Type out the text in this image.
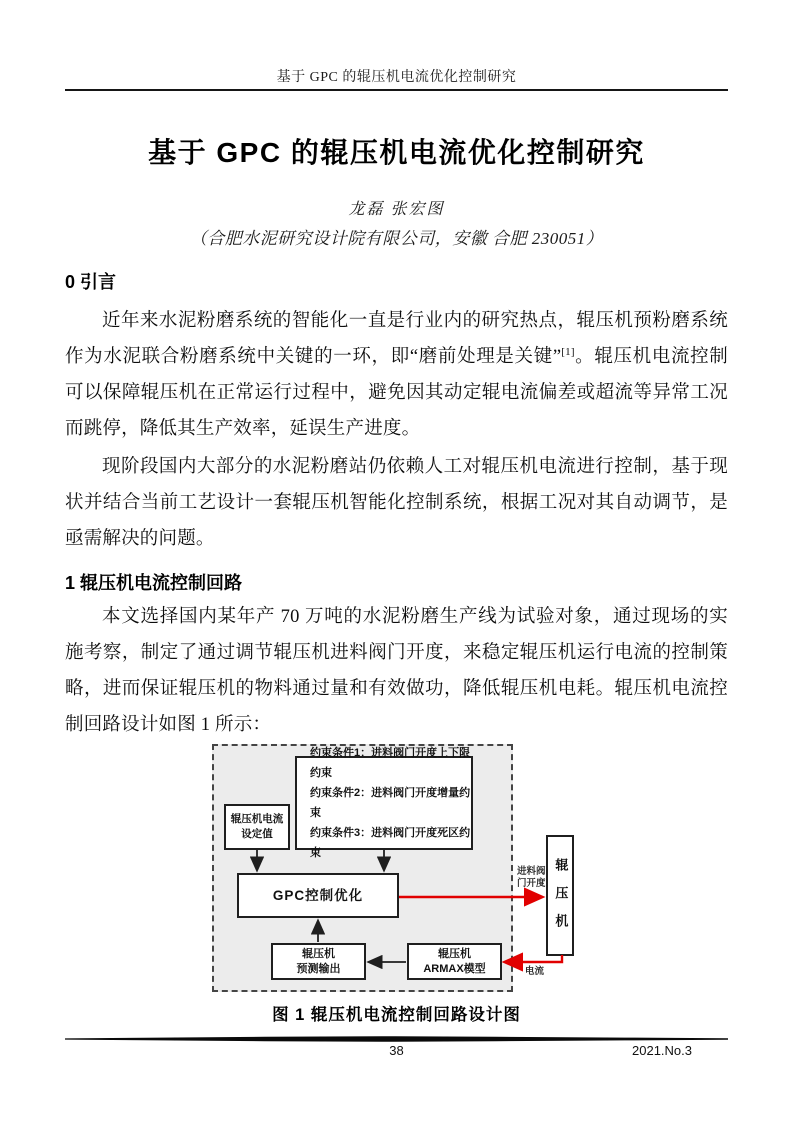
基于 GPC 的辊压机电流优化控制研究
基于 GPC 的辊压机电流优化控制研究
龙磊 张宏图
（合肥水泥研究设计院有限公司，安徽 合肥 230051）
0 引言

近年来水泥粉磨系统的智能化一直是行业内的研究热点，辊压机预粉磨系统作为水泥联合粉磨系统中关键的一环，即“磨前处理是关键”[1]。辊压机电流控制可以保障辊压机在正常运行过程中，避免因其动定辊电流偏差或超流等异常工况而跳停，降低其生产效率，延误生产进度。

现阶段国内大部分的水泥粉磨站仍依赖人工对辊压机电流进行控制，基于现状并结合当前工艺设计一套辊压机智能化控制系统，根据工况对其自动调节，是亟需解决的问题。

1 辊压机电流控制回路

本文选择国内某年产 70 万吨的水泥粉磨生产线为试验对象，通过现场的实施考察，制定了通过调节辊压机进料阀门开度，来稳定辊压机运行电流的控制策略，进而保证辊压机的物料通过量和有效做功，降低辊压机电耗。辊压机电流控制回路设计如图 1 所示：

辊压机电流
设定值
约束条件1：进料阀门开度上下限约束
约束条件2：进料阀门开度增量约束
约束条件3：进料阀门开度死区约束
GPC控制优化
辊压机
预测输出
辊压机
ARMAX模型
辊压机
进料阀
门开度
电流
图 1 辊压机电流控制回路设计图
38	2021.No.3
